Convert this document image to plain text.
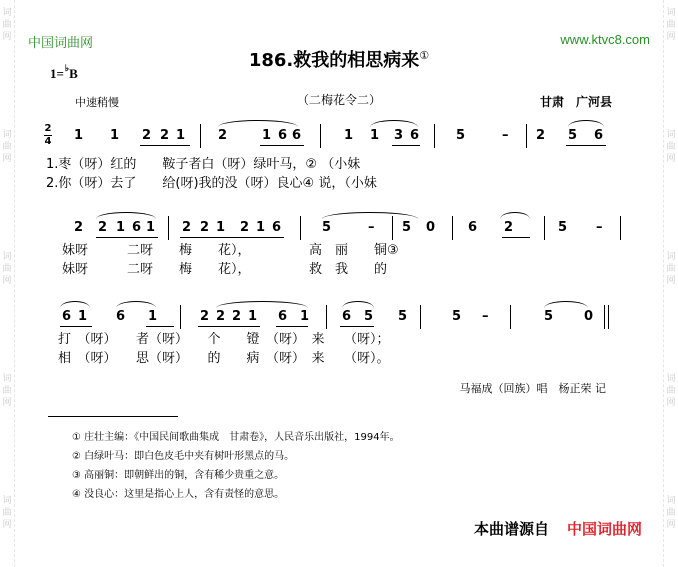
词
曲
网
词
曲
网
词
曲
网
词
曲
网
词
曲
网
词
曲
网
词
曲
网
词
曲
网
词
曲
网
词
曲
网
中国词曲网	www.ktvc8.com
186.救我的相思病来①
1=♭B
中速稍慢	（二梅花令二）	甘肃　广河县
2
4 1 1 2 2 1	2	1 6 6	1 1 3 6	5	– 2 5 6
1.枣（呀）红的　　鞍子者白（呀）绿叶马，② （小妹
2.你（呀）去了　　给(呀)我的没（呀）良心④ 说，（小妹
2 2 1 6 1 2 2 1 2 1 6	5	– 5 0	6 2	5 –
妹呀　　　二呀　　梅　　花），　　　　　高　丽　　铜③
妹呀　　　二呀　　梅　　花），　　　　　救　我　　的
6 1 6 1	2 2 2 1 6 1	6 5 5	5 –	5 0
打　（呀）　　者（呀）　　个　　镫　（呀）　来　　（呀）；
相　（呀）　　思（呀）　　的　　病　（呀）　来　　（呀）。
马福成（回族）唱　杨正荣 记
① 庄壮主编：《中国民间歌曲集成　甘肃卷》，人民音乐出版社，1994年。
② 白绿叶马：即白色皮毛中夹有树叶形黑点的马。
③ 高丽铜：即朝鲜出的铜，含有稀少贵重之意。
④ 没良心：这里是指心上人，含有责怪的意思。
本曲谱源自 中国词曲网
